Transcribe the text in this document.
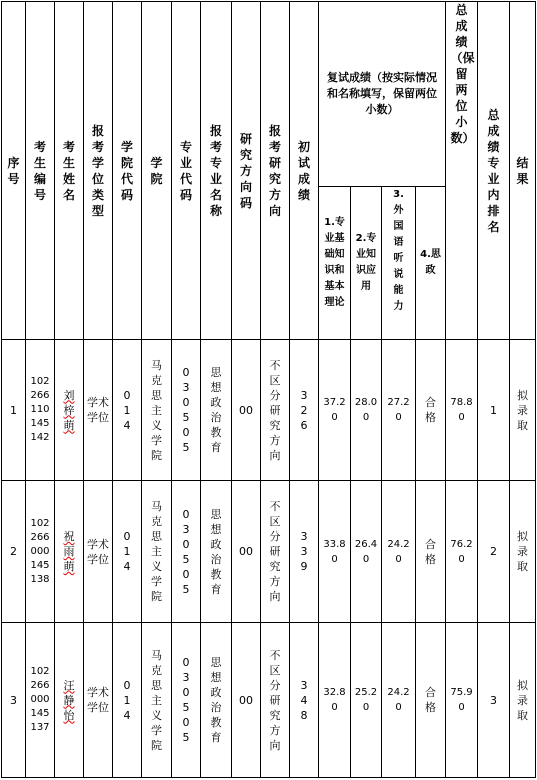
序号	考生编号	考生姓名	报考学位类型	学院代码	学院	专业代码	报考专业名称	研究方向码	报考研究方向	初试成绩	复试成绩（按实际情况和名称填写，保留两位小数）				总成绩（保留两位小数）	总成绩专业内排名	结果
											1.专业基础知识和基本理论	2.专业知识应用	3.外国语听说能力	4.思政			
1	102266110145142	刘梓萌	学术学位	014	马克思主义学院	030505	思想政治教育	00	不区分研究方向	326	37.20	28.00	27.20	合格	78.80	1	拟录取
2	102266000145138	祝雨萌	学术学位	014	马克思主义学院	030505	思想政治教育	00	不区分研究方向	339	33.80	26.40	24.20	合格	76.20	2	拟录取
3	102266000145137	汪静怡	学术学位	014	马克思主义学院	030505	思想政治教育	00	不区分研究方向	348	32.80	25.20	24.20	合格	75.90	3	拟录取
